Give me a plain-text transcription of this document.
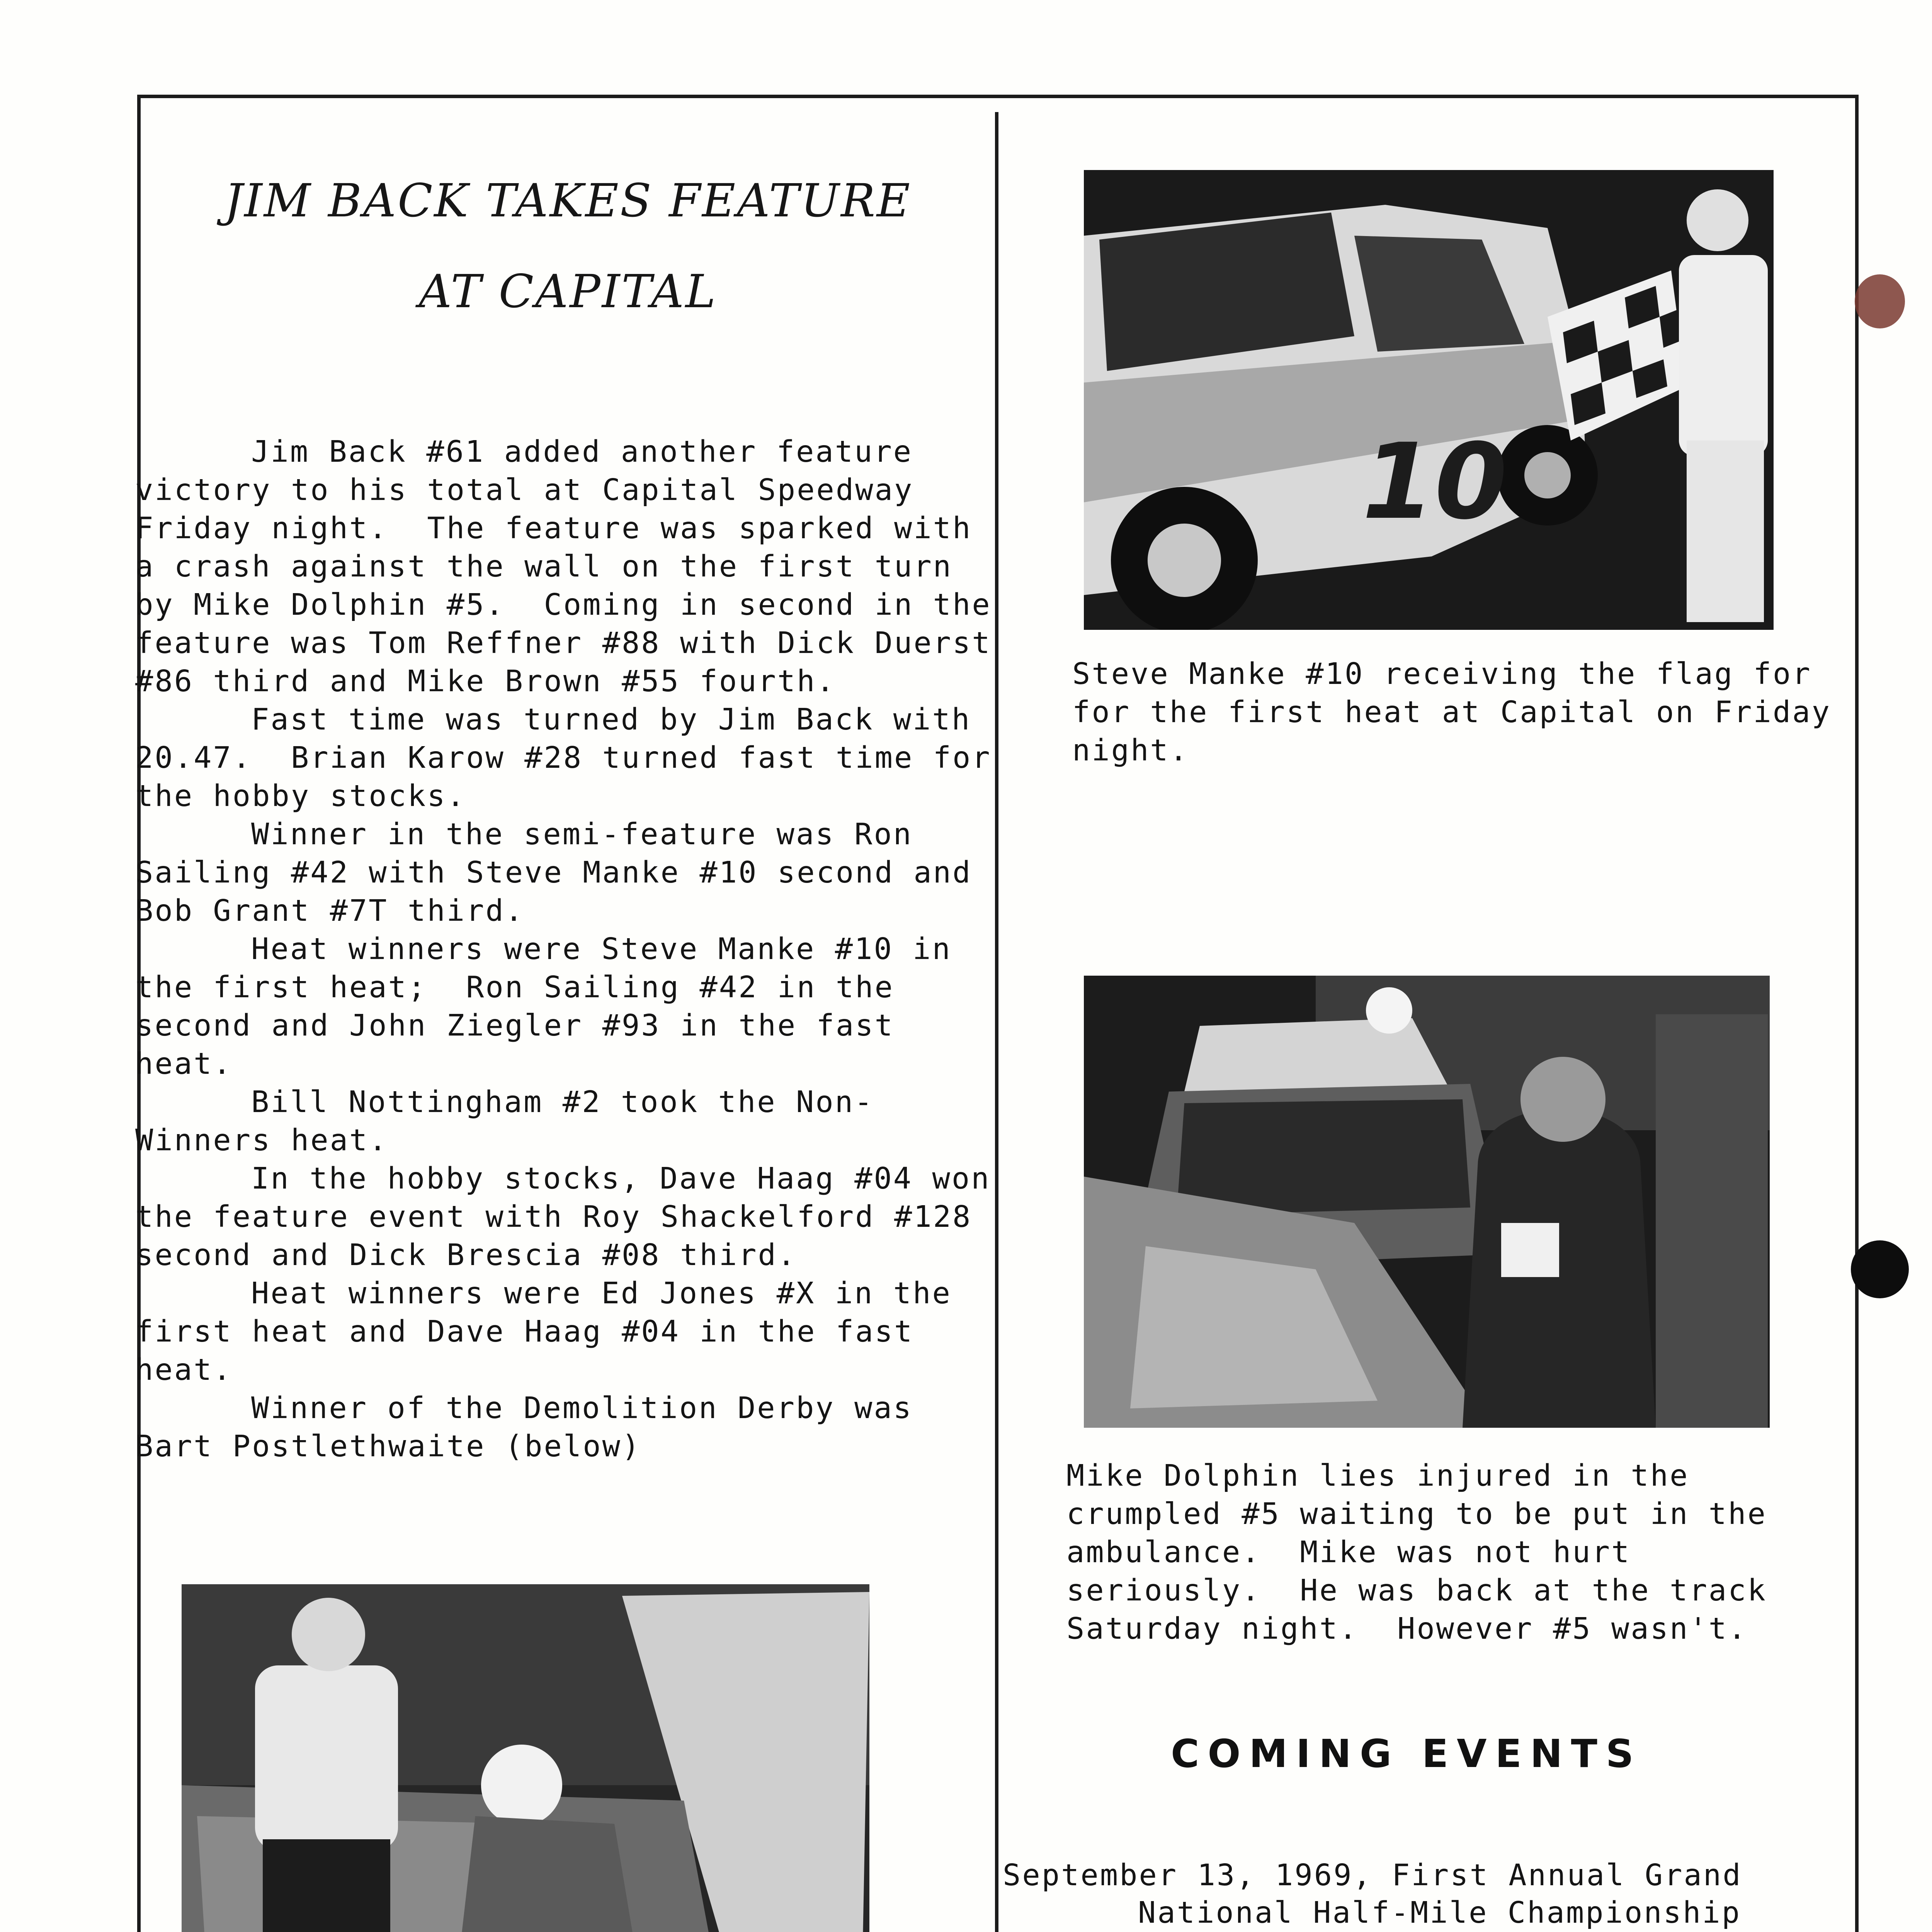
JIM BACK TAKES FEATURE
AT CAPITAL

Jim Back #61 added another feature victory to his total at Capital Speedway Friday night.  The feature was sparked with a crash against the wall on the first turn by Mike Dolphin #5.  Coming in second in the feature was Tom Reffner #88 with Dick Duerst #86 third and Mike Brown #55 fourth.

Fast time was turned by Jim Back with 20.47.  Brian Karow #28 turned fast time for the hobby stocks.

Winner in the semi-feature was Ron Sailing #42 with Steve Manke #10 second and Bob Grant #7T third.

Heat winners were Steve Manke #10 in the first heat;  Ron Sailing #42 in the second and John Ziegler #93 in the fast heat.

Bill Nottingham #2 took the Non-Winners heat.

In the hobby stocks, Dave Haag #04 won the feature event with Roy Shackelford #128 second and Dick Brescia #08 third.

Heat winners were Ed Jones #X in the first heat and Dave Haag #04 in the fast heat.

Winner of the Demolition Derby was Bart Postlethwaite (below)

10
Steve Manke #10 receiving the flag for for the first heat at Capital on Friday night.
Mike Dolphin lies injured in the crumpled #5 waiting to be put in the ambulance.  Mike was not hurt seriously.  He was back at the track Saturday night.  However #5 wasn't.
COMING EVENTS
September 13, 1969, First Annual Grand
National Half-Mile Championship
